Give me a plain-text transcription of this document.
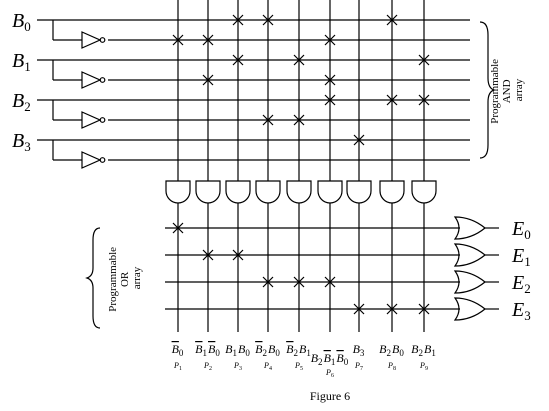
$B_0$
$B_1$
$B_2$
$B_3$
$E_0$
$E_1$
$E_2$
$E_3$
$B_0$ 
$P_1$
$B_1$ $B_0$ 
$P_2$
$B_1$ $B_0$ 
$P_3$
$B_2$ $B_0$ 
$P_4$
$B_2$ $B_1$ 
$P_5$
$B_2$ $B_1$ $B_0$ 
$P_6$
$B_3$ 
$P_7$
$B_2$ $B_0$ 
$P_8$
$B_2$ $B_1$ 
$P_9$
Programmable AND array
Programmable OR array
Figure 6
